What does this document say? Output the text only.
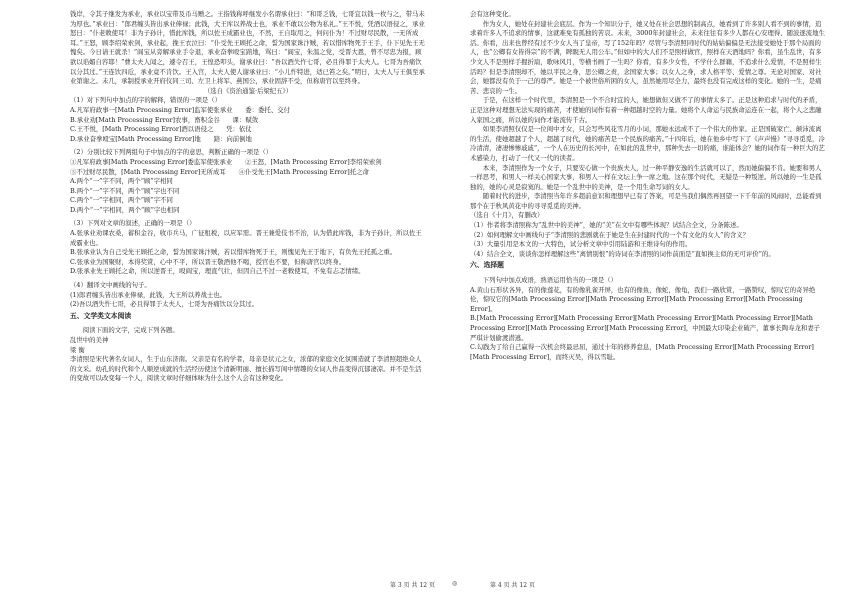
钱岸，令其子继发为承业，承业以宝带及币马赠之。王指钱称呼继发小名谓承业曰：“和哥乏钱，七哥宜以钱一枚与之，带马未为厚也。”承业曰：“郎君缠头皆出承业俸禄；此钱，大王库以养战士也，承业不敢以公物为私礼。”王不悦，凭酒以语侵之，承业怒曰：“仆老敕使耳！非为子孙计，惜此库钱，所以佐王成霸业也，不然，王自取用之，何问仆为！不过财尽民散，一无所成耳。”王怒，顾李绍荣索剑，承业起，挽王衣泣曰：“仆受先王顾托之命，誓为国家诛汴贼，若以惜库物死于王手，仆下见先王无愧矣。今日请王就杀！”阎宝从旁解承业手令退，承业奋拳殴宝踣地，骂曰：“阎宝，朱温之党，受晋大恩，曾不尽忠为报，顾欲以谄媚自容耶！”曹太夫人闻之，遽令召王，王惶恐叩头，谢承业曰：“吾以酒失忤七哥，必且得罪于太夫人。七哥为吾痛饮以分其过。”王连饮四卮，承业竟不肯饮。王入宫，太夫人使人谢承业曰：“小儿忤特进，适已笞之矣。”明日，太夫人与王俱至承业第谢之。未几，承制授承业开府仪同三司、左卫上将军、燕国公，承业固辞不受，但称唐官以至终身。

（选自《资治通鉴·后梁纪五》）

（1）对下列句中加点的字的解释，错误的一项是（）

A.凡军府政事一[Math Processing Error]监军使张承业　　委：委托、交付

B.承业劝[Math Processing Error]农事，畜积金谷　　课：赋敛

C.王不悦，[Math Processing Error]酒以语侵之　　凭：依仗

D.承业奋拳殴宝[Math Processing Error]地　　踣：向前倒地

（2）分别比较下列两组句子中加点的字的意思，判断正确的一项是（）

①凡军府政事[Math Processing Error]委监军使张承业　　②王怒，[Math Processing Error]李绍荣索剑

③不过财尽民散，[Math Processing Error]无所成耳　　④仆受先王[Math Processing Error]托之命

A.两个“一”字不同，两个“顾”字相同

B.两个“一”字不同，两个“顾”字也不同

C.两个“一”字相同，两个“顾”字不同

D.两个“一”字相同，两个“顾”字也相同

（3）下列对文章的叙述，正确的一项是（）

A.张承业劝课农桑，蓄积金谷，收市兵马，广征租税，以应军需。晋王兼爱伎书不治，认为借此库钱，非为子孙计，所以佐王成霸业也。

B.张承业认为自己受先王顾托之命，誓为国家诛汴贼，若以惜库物死于王，则愧见先王于地下，有负先王托孤之重。

C.张承业为国聚财，本得奖赏，心中不平，所以晋王敬酒他不喝，授官也不要，但称唐官以终身。

D.张承业先王顾托之命，所以逆晋王，殴阎宝，理直气壮，但因自己不过一老敕使耳，不免有忐忑情绪。

（4）翻译文中画线的句子。

(1)郎君缠头皆出承业俸禄，此钱，大王所以养战士也。

(2)吾以酒失忤七哥，必且得罪于太夫人，七哥为吾痛饮以分其过。

五、文学类文本阅读

阅读下面的文字，完成下列各题。

乱世中的美神

梁 衡

李清照是宋代著名女词人，生于山东济南。父亲是有名的学者，母亲是状元之女，浓郁的家庭文化氛围造就了李清照超绝众人的文采。幼孔的时代和个人顺逆成就的生活经历使这个清新明丽、擅长描写闺中情趣的女词人作品变得沉郁凄凉。并不是生活的变故可以改变每一个人，阅读文章时仔细体味为什么这个人会有这种变化。

会有这种变化。

作为女人，她处在封建社会底层。作为一个知识分子，她又处在社会思想的制高点，她看到了许多别人看不到的事情，追求着许多人不追求的情事，这就难免有孤独的苦哀。未来，3000年封建社会，未来往往有多少人都在心安理得、随波逐流地生活。你看，出来也曾经有过不少女人当了皇帝，写了152年吗？尽管与李清照同时代的姑姑偏偏是无法接受她处于那个局面的人，也“公卿有女皆得宗”的不满，睥睨无人用公车。”但如中的大人们不是照样做官，照样在天酒地吗？你看，虽生乱世，有多少文人不是照样手握折扇，歌咏风月，等横书画了一生吗？你看，有多少女性，不学什么群籍，不追求什么爱情，不是照样生活吗？但是李清照却不，她以平民之身，思公卿之责，念国家大事；以女人之身，求人格平等、爱情之尊。无论对国家、对社会，她都没有负于一己的尊严。她是一个被世俗所困的女人，虽然她用尽全力，最终也没有完成这样的变化。她的一生，是痛苦、悲哀的一生。

于是，在这样一个时代里，李清照是一个不合时宜的人，她想做但又做不了的事情太多了。正是这种追求与时代的矛盾，正是这种对理想无法实现的痛苦，才使她的词作有着一种超越时空的力量。她将个人命运与民族命运连在一起，将个人之悲融入家国之痛，所以她的词作才能流传千古。

如果李清照仅仅是一位闺中才女，只会写些风花雪月的小词，那她永远成不了一个伟大的作家。正是国破家亡、颠沛流离的生活，使她超越了个人，超越了时代，她的痛苦是一个民族的痛苦。”十四年后，她在他乡中写下了《声声慢》“寻寻觅觅，冷冷清清，凄凄惨惨戚戚”，一个人在历史的长河中，在如此的乱世中，那种失去一切的痛，谁能体会？她的词作有一种巨大的艺术感染力，打动了一代又一代的读者。

本来，李清照作为一个女子，只要安心做一个贵族夫人，过一种平静安逸的生活就可以了，然而她偏偏不肯。她要和男人一样思考，和男人一样关心国家大事，和男人一样在文坛上争一席之地。这在那个时代，无疑是一种叛逆。所以她的一生是孤独的，她的心灵是寂寞的。她是一个乱世中的美神，是一个用生命写词的女人。

随着时代的进步，李清照当年许多超前意识和理想早已有了答案，可是当我们偶然再回望一下千年前的风雨时，总能看到那个在于秋风黄花中的寻寻觅觅的美神。

（选自《十月》，有删改）

（1）作者将李清照称为“乱世中的美神”，她的“美”在文中有哪些体现？试结合全文，分条陈述。

（2）如何理解文中画线句子“李清照的悲剧就在于她是生在封建时代的一个有文化的女人”的含义？

（3）大量引用是本文的一大特色，试分析文章中引用陆游和王维诗句的作用。

（4）结合全文，谈谈你怎样理解这些“离情别恨”的诗词在李清照的词作前面是“直如换主似的无可评价”的。

六、选择题

下列句中加点成语，熟语运用恰当的一项是（）

A.黄山石形状各异，有的像莲花，有的像乳雀开屏，也有的像鱼，像蛇，像龟，我们一路欣赏，一路赞叹，惊叹它的奇异绝伦，惊叹它的[Math Processing Error][Math Processing Error][Math Processing Error][Math Processing Error]。

B.[Math Processing Error][Math Processing Error][Math Processing Error][Math Processing Error][Math Processing Error][Math Processing Error][Math Processing Error]，中国最大印染企业破产，董事长陶寿龙和妻子严琪计划偷渡潜逃。

C.勾践为了给自己赢得一次机会终最忌屈，通过十年的修养怠息，[Math Processing Error][Math Processing Error][Math Processing Error]，而终灭吴，得以雪耻。

第 3 页 共 12 页	◎	第 4 页 共 12 页
